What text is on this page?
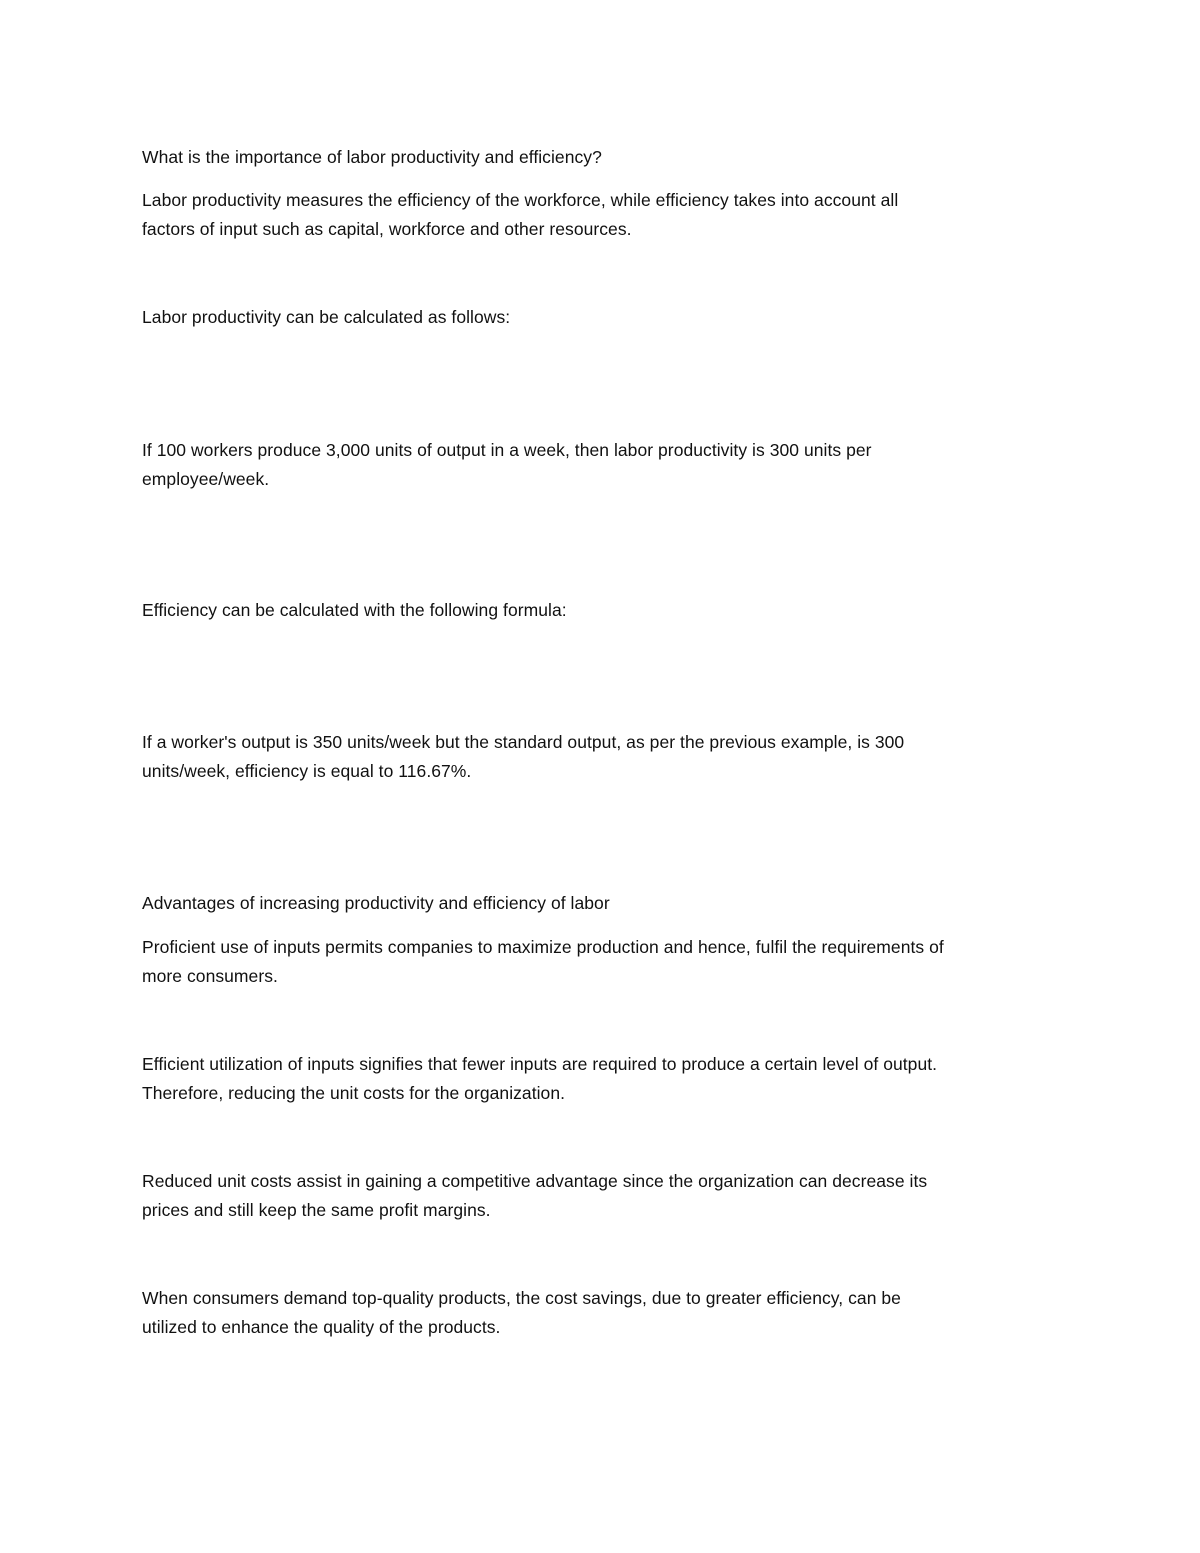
What is the importance of labor productivity and efficiency?

Labor productivity measures the efficiency of the workforce, while efficiency takes into account all

factors of input such as capital, workforce and other resources.

Labor productivity can be calculated as follows:

If 100 workers produce 3,000 units of output in a week, then labor productivity is 300 units per

employee/week.

Efficiency can be calculated with the following formula:

If a worker's output is 350 units/week but the standard output, as per the previous example, is 300

units/week, efficiency is equal to 116.67%.

Advantages of increasing productivity and efficiency of labor

Proficient use of inputs permits companies to maximize production and hence, fulfil the requirements of

more consumers.

Efficient utilization of inputs signifies that fewer inputs are required to produce a certain level of output.

Therefore, reducing the unit costs for the organization.

Reduced unit costs assist in gaining a competitive advantage since the organization can decrease its

prices and still keep the same profit margins.

When consumers demand top-quality products, the cost savings, due to greater efficiency, can be

utilized to enhance the quality of the products.
